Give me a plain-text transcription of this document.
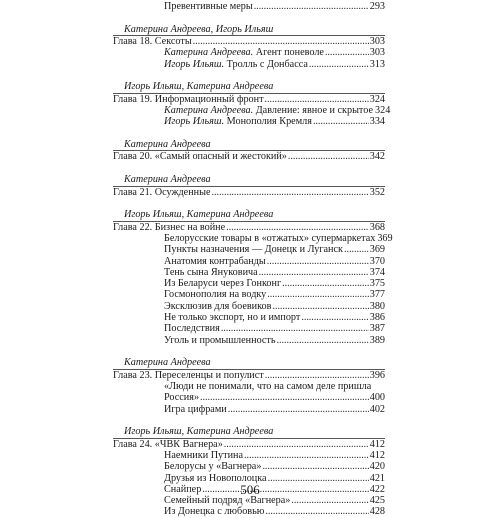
Превентивные меры . . .	293
Катерина Андреева, Игорь Ильяш
Глава 18. Сексоты . . .	303
Катерина Андреева. Агент поневоле . . .	303
Игорь Ильяш. Тролль с Донбасса . . .	313
Игорь Ильяш, Катерина Андреева
Глава 19. Информационный фронт . . .	324
Катерина Андреева. Давление: явное и скрытое 324
Игорь Ильяш. Монополия Кремля . . .	334
Катерина Андреева
Глава 20. «Самый опасный и жестокий» . . .	342
Катерина Андреева
Глава 21. Осужденные . . .	352
Игорь Ильяш, Катерина Андреева
Глава 22. Бизнес на войне . . .	368
Белорусские товары в «отжатых» супермаркетах 369
Пункты назначения — Донецк и Луганск . . .	369
Анатомия контрабанды . . .	370
Тень сына Януковича . . .	374
Из Беларуси через Гонконг . . .	375
Госмонополия на водку . . .	377
Эксклюзив для боевиков . . .	380
Не только экспорт, но и импорт . . .	386
Последствия . . .	387
Уголь и промышленность . . .	389
Катерина Андреева
Глава 23. Переселенцы и популист . . .	396
«Люди не понимали, что на самом деле пришла
Россия» . . .	400
Игра цифрами . . .	402
Игорь Ильяш, Катерина Андреева
Глава 24. «ЧВК Вагнера» . . .	412
Наемники Путина . . .	412
Белорусы у «Вагнера» . . .	420
Друзья из Новополоцка . . .	421
Снайпер . . .	422
Семейный подряд «Вагнера» . . .	425
Из Донецка с любовью . . .	428
506
